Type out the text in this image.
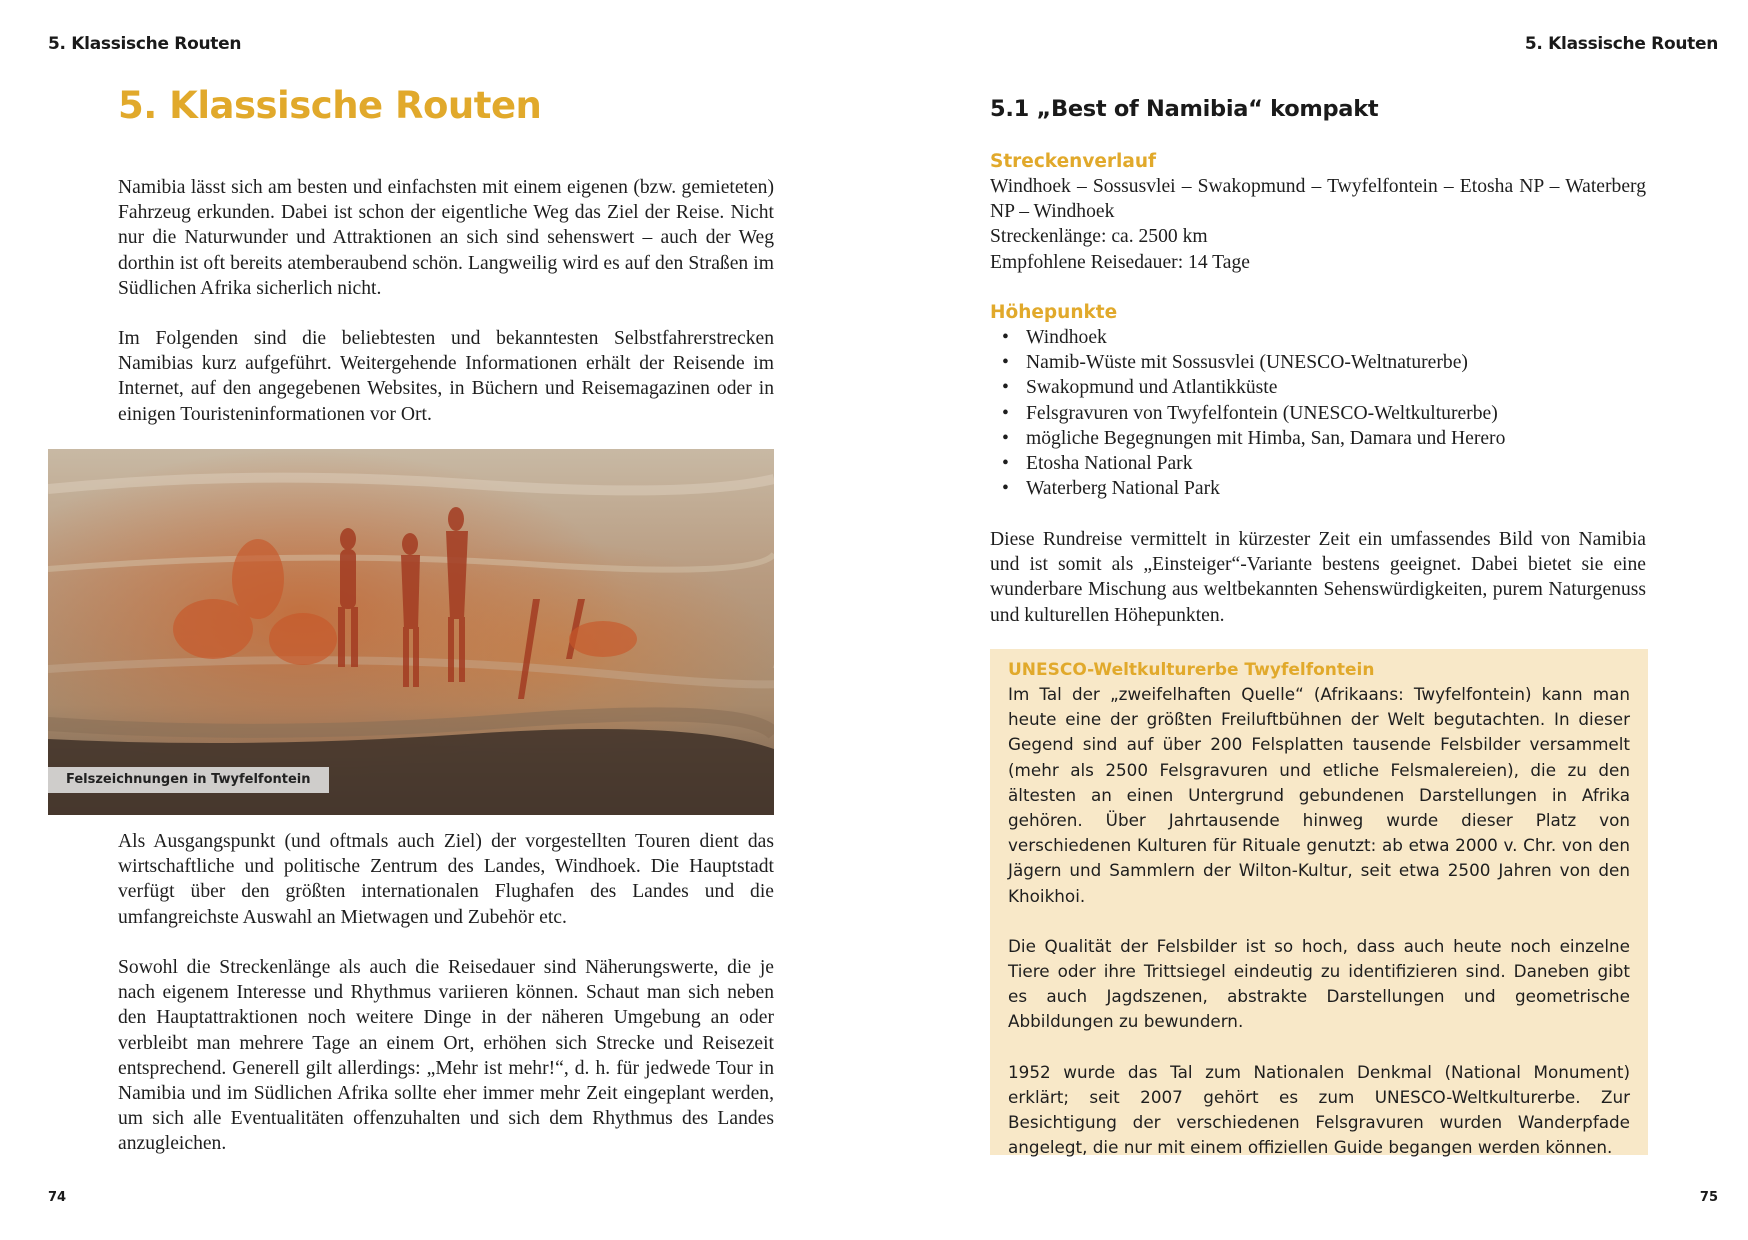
5. Klassische Routen
5. Klassische Routen

Namibia lässt sich am besten und einfachsten mit einem eigenen (bzw. gemieteten) Fahrzeug erkunden. Dabei ist schon der eigentliche Weg das Ziel der Reise. Nicht nur die Naturwunder und Attraktionen an sich sind sehenswert – auch der Weg dorthin ist oft bereits atemberaubend schön. Langweilig wird es auf den Straßen im Südlichen Afrika sicherlich nicht.

Im Folgenden sind die beliebtesten und bekanntesten Selbstfahrerstrecken Namibias kurz aufgeführt. Weitergehende Informationen erhält der Reisende im Internet, auf den angegebenen Websites, in Büchern und Reisemagazinen oder in einigen Touristeninformationen vor Ort.

Felszeichnungen in Twyfelfontein

Als Ausgangspunkt (und oftmals auch Ziel) der vorgestellten Touren dient das wirtschaftliche und politische Zentrum des Landes, Windhoek. Die Hauptstadt verfügt über den größten internationalen Flughafen des Landes und die umfangreichste Auswahl an Mietwagen und Zubehör etc.

Sowohl die Streckenlänge als auch die Reisedauer sind Näherungswerte, die je nach eigenem Interesse und Rhythmus variieren können. Schaut man sich neben den Hauptattraktionen noch weitere Dinge in der näheren Umgebung an oder verbleibt man mehrere Tage an einem Ort, erhöhen sich Strecke und Reisezeit entsprechend. Generell gilt allerdings: „Mehr ist mehr!“, d. h. für jedwede Tour in Namibia und im Südlichen Afrika sollte eher immer mehr Zeit eingeplant werden, um sich alle Eventualitäten offenzuhalten und sich dem Rhythmus des Landes anzugleichen.

74
5. Klassische Routen
5.1 „Best of Namibia“ kompakt
Streckenverlauf

Windhoek – Sossusvlei – Swakopmund – Twyfelfontein – Etosha NP – Waterberg NP – Windhoek

Streckenlänge: ca. 2500 km
Empfohlene Reisedauer: 14 Tage
Höhepunkte
• Windhoek
• Namib-Wüste mit Sossusvlei (UNESCO-Weltnaturerbe)
• Swakopmund und Atlantikküste
• Felsgravuren von Twyfelfontein (UNESCO-Weltkulturerbe)
• mögliche Begegnungen mit Himba, San, Damara und Herero
• Etosha National Park
• Waterberg National Park

Diese Rundreise vermittelt in kürzester Zeit ein umfassendes Bild von Namibia und ist somit als „Einsteiger“-Variante bestens geeignet. Dabei bietet sie eine wunderbare Mischung aus weltbekannten Sehenswürdigkeiten, purem Naturgenuss und kulturellen Höhepunkten.

UNESCO-Weltkulturerbe Twyfelfontein

Im Tal der „zweifelhaften Quelle“ (Afrikaans: Twyfelfontein) kann man heute eine der größten Freiluftbühnen der Welt begutachten. In dieser Gegend sind auf über 200 Felsplatten tausende Felsbilder versammelt (mehr als 2500 Felsgravuren und etliche Felsmalereien), die zu den ältesten an einen Untergrund gebundenen Darstellungen in Afrika gehören. Über Jahrtausende hinweg wurde dieser Platz von verschiedenen Kulturen für Rituale genutzt: ab etwa 2000 v. Chr. von den Jägern und Sammlern der Wilton-Kultur, seit etwa 2500 Jahren von den Khoikhoi.

Die Qualität der Felsbilder ist so hoch, dass auch heute noch einzelne Tiere oder ihre Trittsiegel eindeutig zu identifizieren sind. Daneben gibt es auch Jagdszenen, abstrakte Darstellungen und geometrische Abbildungen zu bewundern.

1952 wurde das Tal zum Nationalen Denkmal (National Monument) erklärt; seit 2007 gehört es zum UNESCO-Weltkulturerbe. Zur Besichtigung der verschiedenen Felsgravuren wurden Wanderpfade angelegt, die nur mit einem offiziellen Guide begangen werden können.

75
